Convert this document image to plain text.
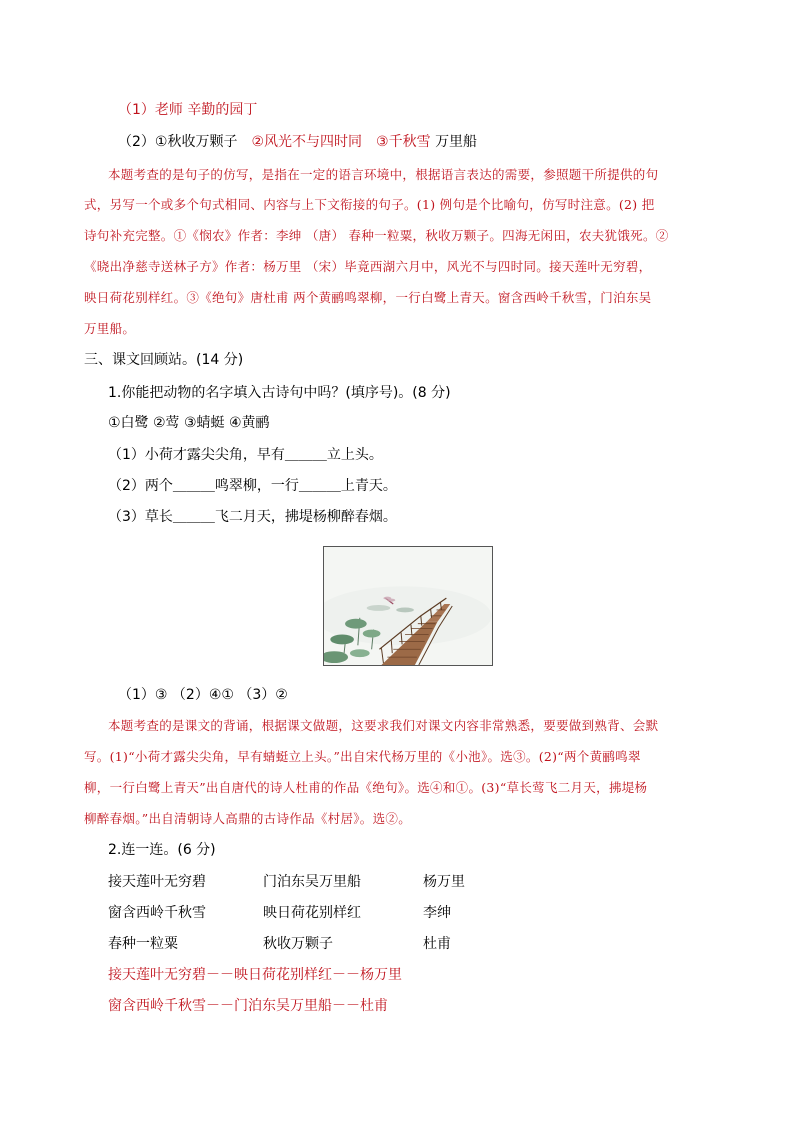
（1）老师 辛勤的园丁
（2）①秋收万颗子 ②风光不与四时同 ③千秋雪 万里船
本题考查的是句子的仿写，是指在一定的语言环境中，根据语言表达的需要，参照题干所提供的句
式，另写一个或多个句式相同、内容与上下文衔接的句子。(1) 例句是个比喻句，仿写时注意。(2) 把
诗句补充完整。①《悯农》作者：李绅 （唐） 春种一粒粟，秋收万颗子。四海无闲田，农夫犹饿死。②
《晓出净慈寺送林子方》作者：杨万里 （宋）毕竟西湖六月中，风光不与四时同。接天莲叶无穷碧，
映日荷花别样红。③《绝句》唐杜甫 两个黄鹂鸣翠柳，一行白鹭上青天。窗含西岭千秋雪，门泊东吴
万里船。
三、课文回顾站。(14 分)
1.你能把动物的名字填入古诗句中吗？(填序号)。(8 分)
①白鹭 ②莺 ③蜻蜓 ④黄鹂
（1）小荷才露尖尖角，早有＿＿＿立上头。
（2）两个＿＿＿鸣翠柳，一行＿＿＿上青天。
（3）草长＿＿＿飞二月天，拂堤杨柳醉春烟。
（1）③ （2）④① （3）②
本题考查的是课文的背诵，根据课文做题，这要求我们对课文内容非常熟悉，要要做到熟背、会默
写。(1)“小荷才露尖尖角，早有蜻蜓立上头。”出自宋代杨万里的《小池》。选③。(2)“两个黄鹂鸣翠
柳，一行白鹭上青天”出自唐代的诗人杜甫的作品《绝句》。选④和①。(3)“草长莺飞二月天，拂堤杨
柳醉春烟。”出自清朝诗人高鼎的古诗作品《村居》。选②。
2.连一连。(6 分)
接天莲叶无穷碧	门泊东吴万里船	杨万里
窗含西岭千秋雪	映日荷花别样红	李绅
春种一粒粟	秋收万颗子	杜甫
接天莲叶无穷碧－－映日荷花别样红－－杨万里
窗含西岭千秋雪－－门泊东吴万里船－－杜甫
